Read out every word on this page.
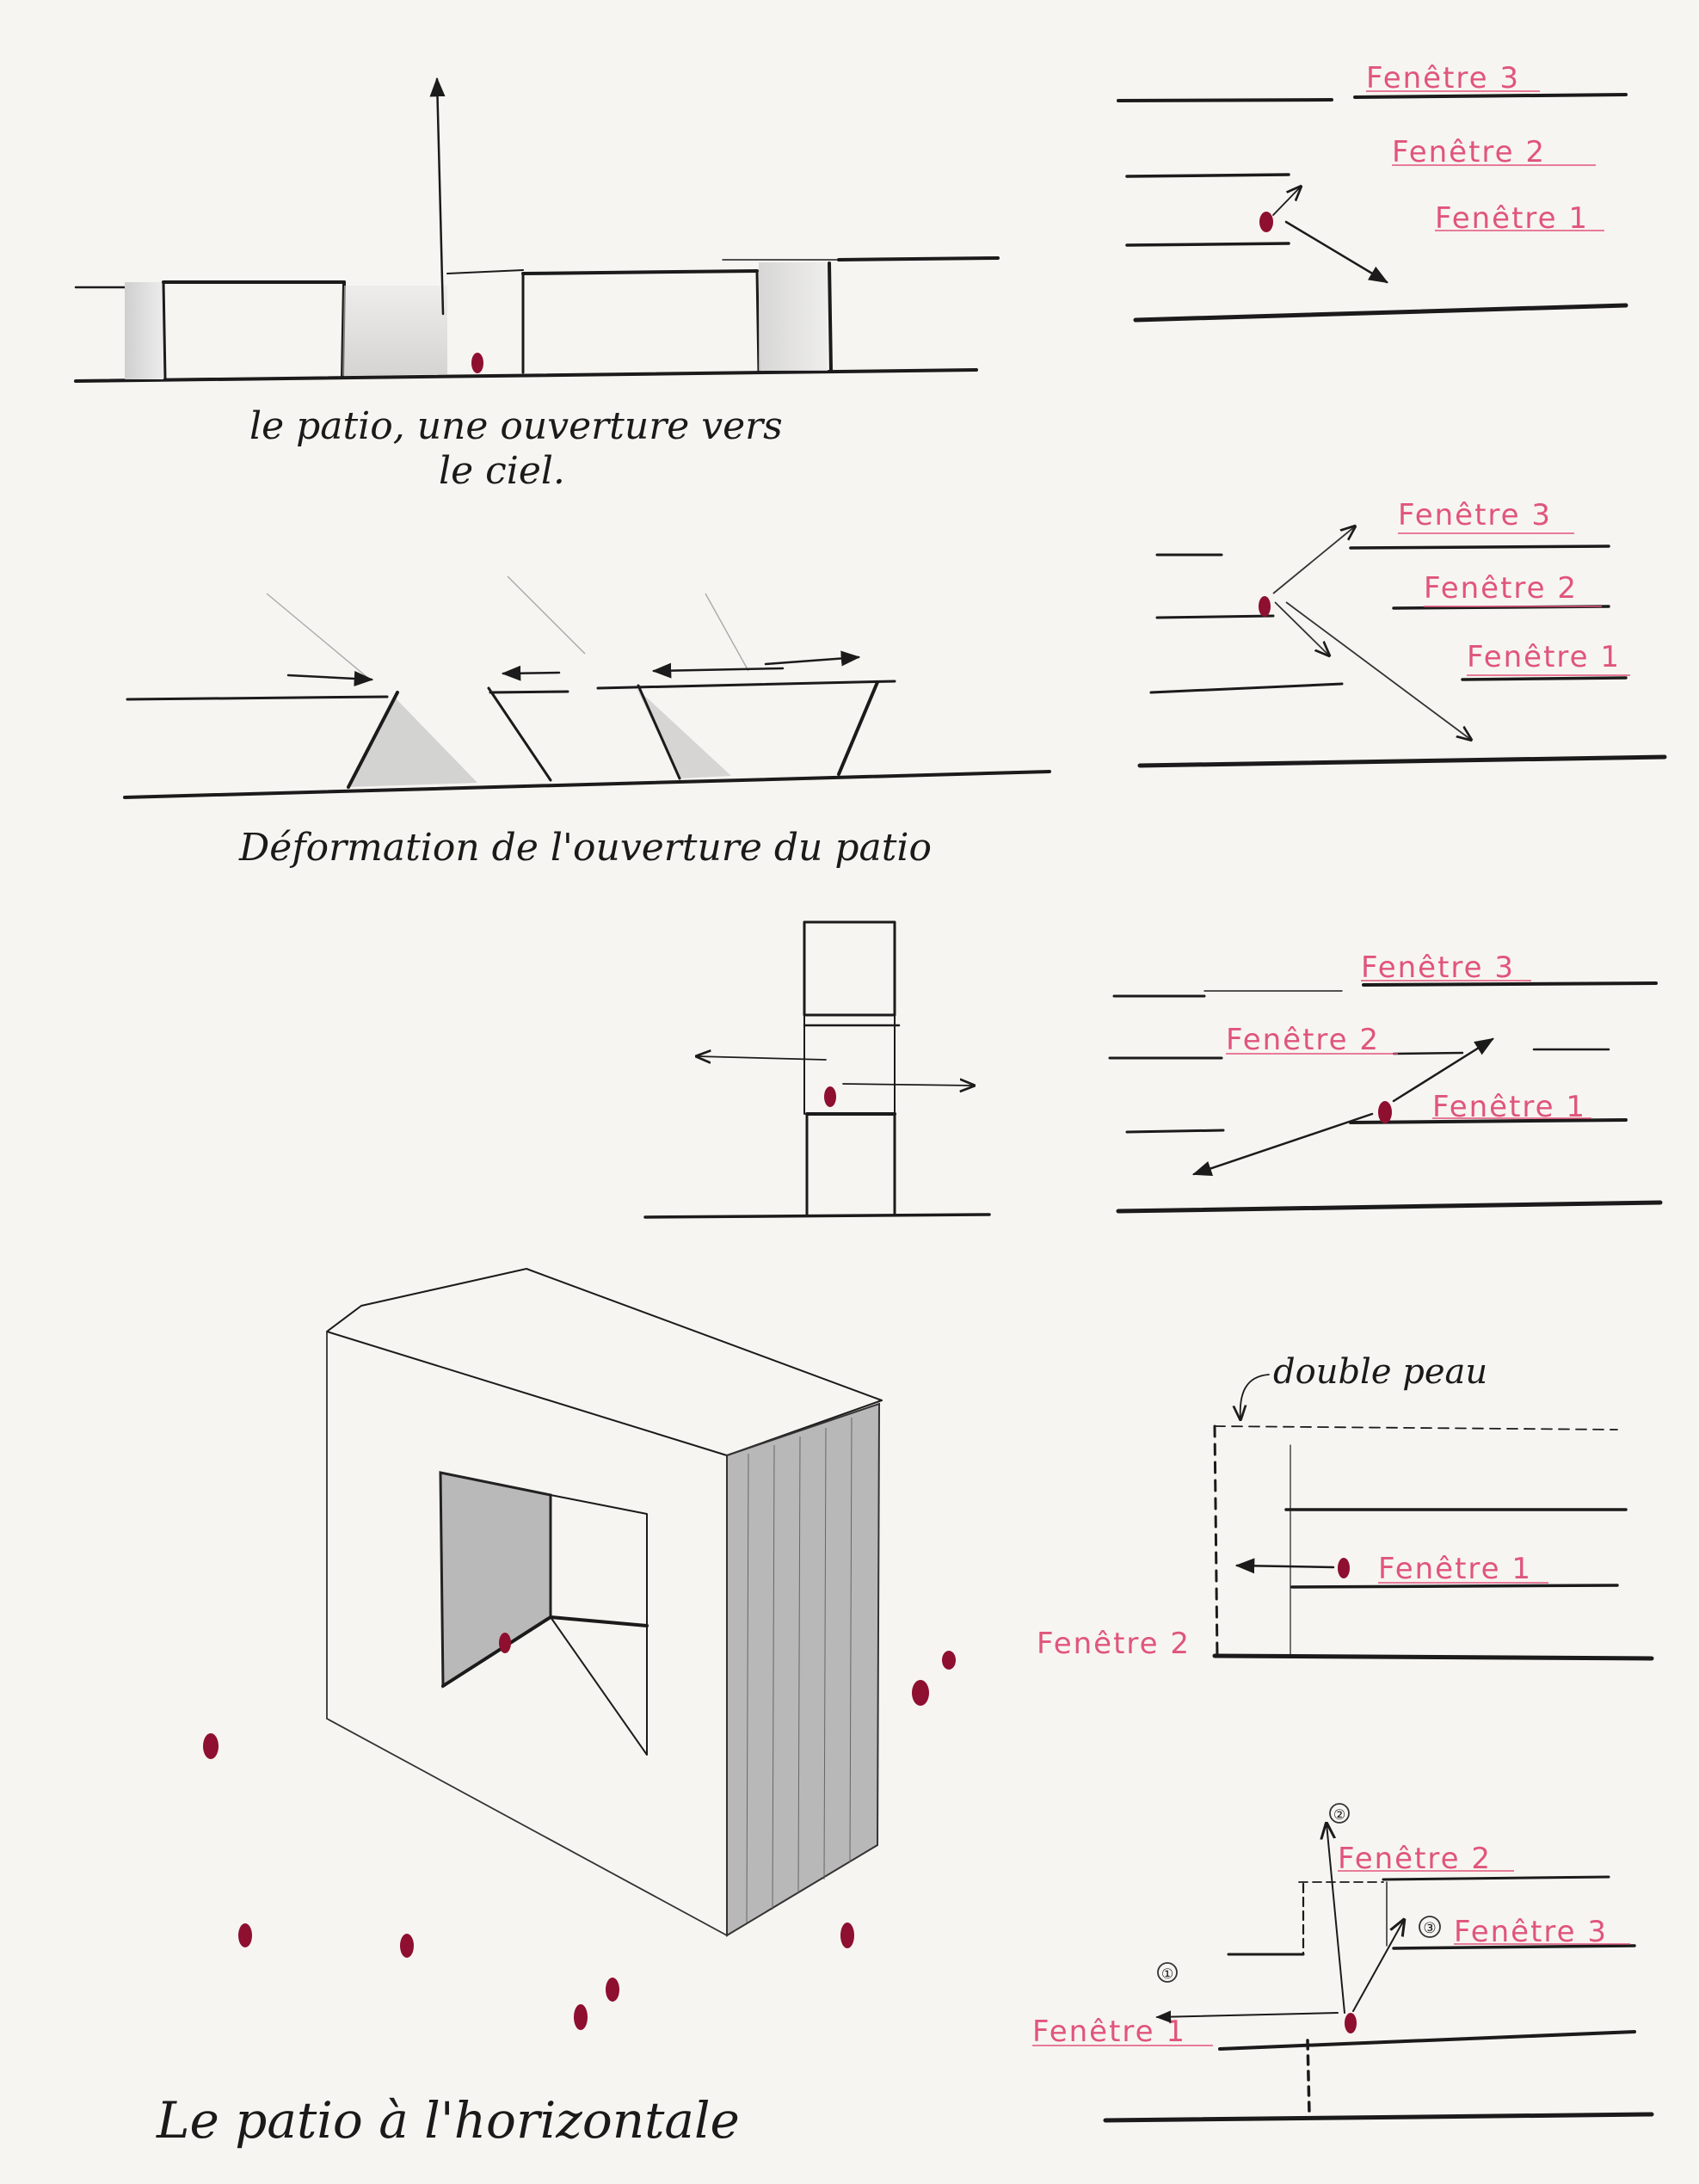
le patio, une ouverture vers
le ciel.
Déformation de l'ouverture du patio
Le patio à l'horizontale
Fenêtre 3
Fenêtre 2
Fenêtre 1
Fenêtre 3
Fenêtre 2
Fenêtre 1
Fenêtre 3
Fenêtre 2
Fenêtre 1
double peau
Fenêtre 1
Fenêtre 2
Fenêtre 2
Fenêtre 3
Fenêtre 1
②
③
①
